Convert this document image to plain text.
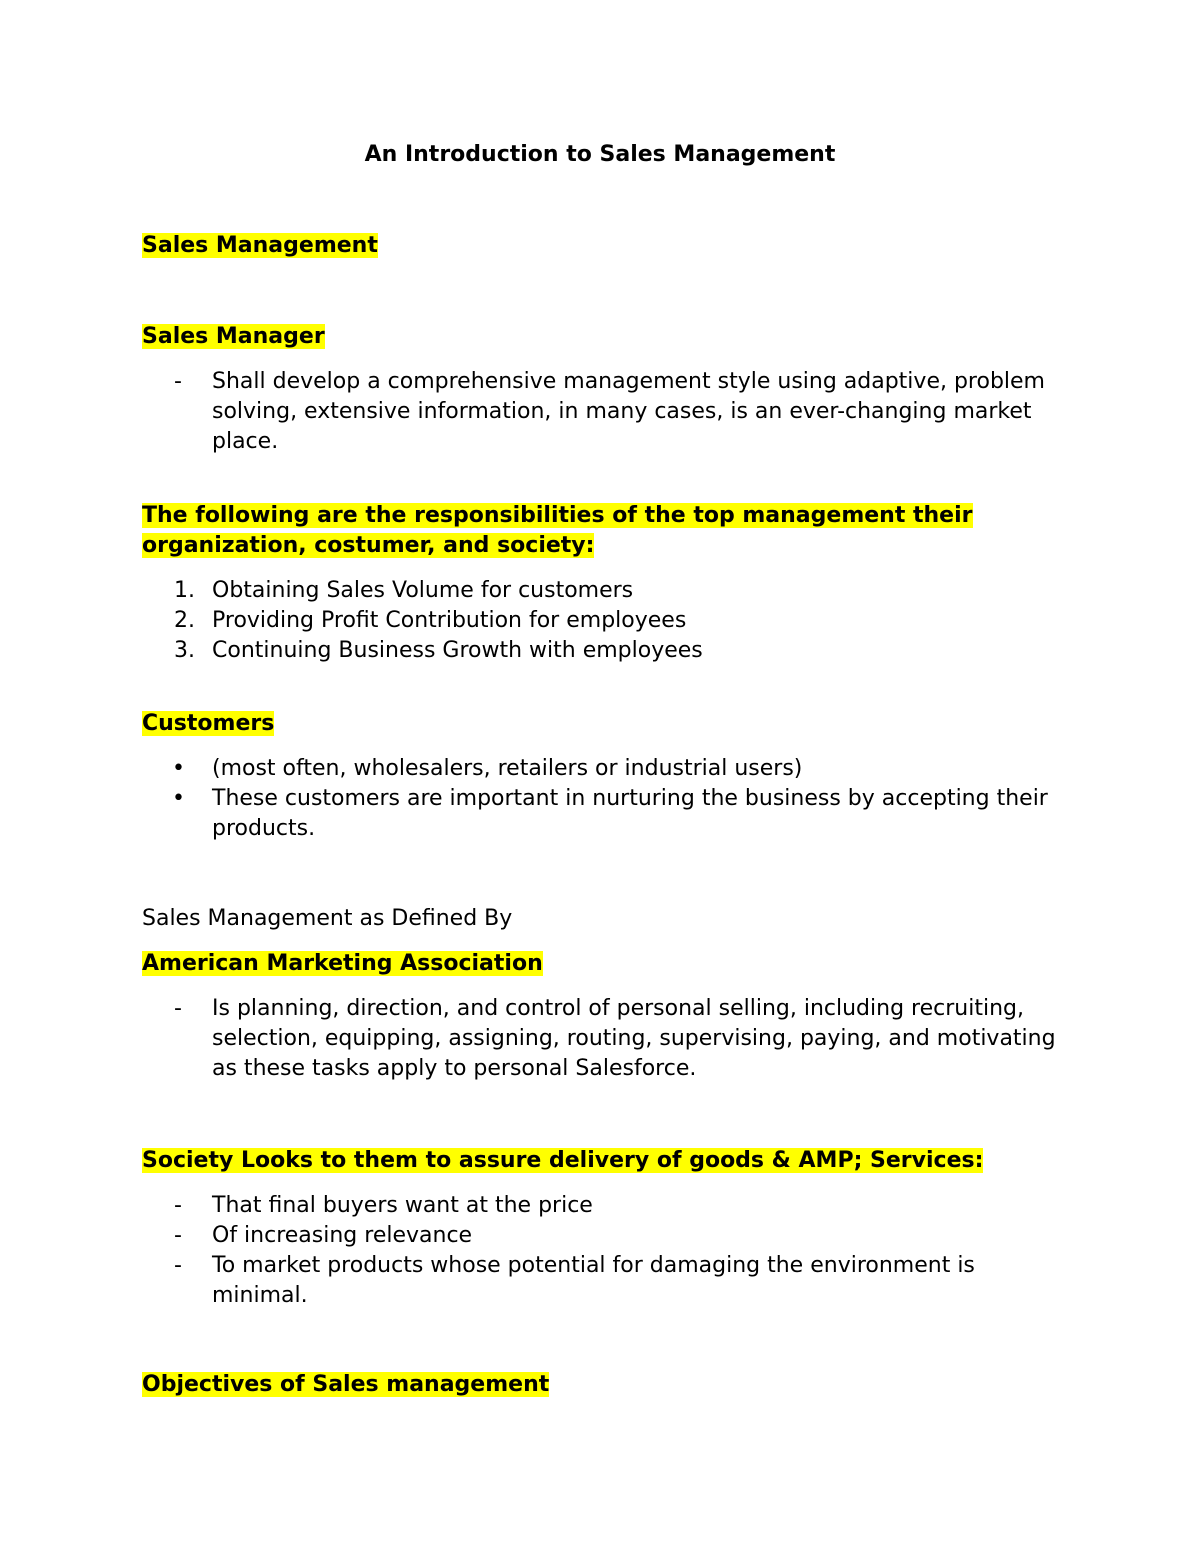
An Introduction to Sales Management
Sales Management
Sales Manager
- Shall develop a comprehensive management style using adaptive, problem solving, extensive information, in many cases, is an ever-changing market place.
The following are the responsibilities of the top management their organization, costumer, and society:
1. Obtaining Sales Volume for customers
2. Providing Profit Contribution for employees
3. Continuing Business Growth with employees
Customers
• (most often, wholesalers, retailers or industrial users)
• These customers are important in nurturing the business by accepting their products.
Sales Management as Defined By
American Marketing Association
- Is planning, direction, and control of personal selling, including recruiting, selection, equipping, assigning, routing, supervising, paying, and motivating as these tasks apply to personal Salesforce.
Society Looks to them to assure delivery of goods & AMP; Services:
- That final buyers want at the price
- Of increasing relevance
- To market products whose potential for damaging the environment is minimal.
Objectives of Sales management
